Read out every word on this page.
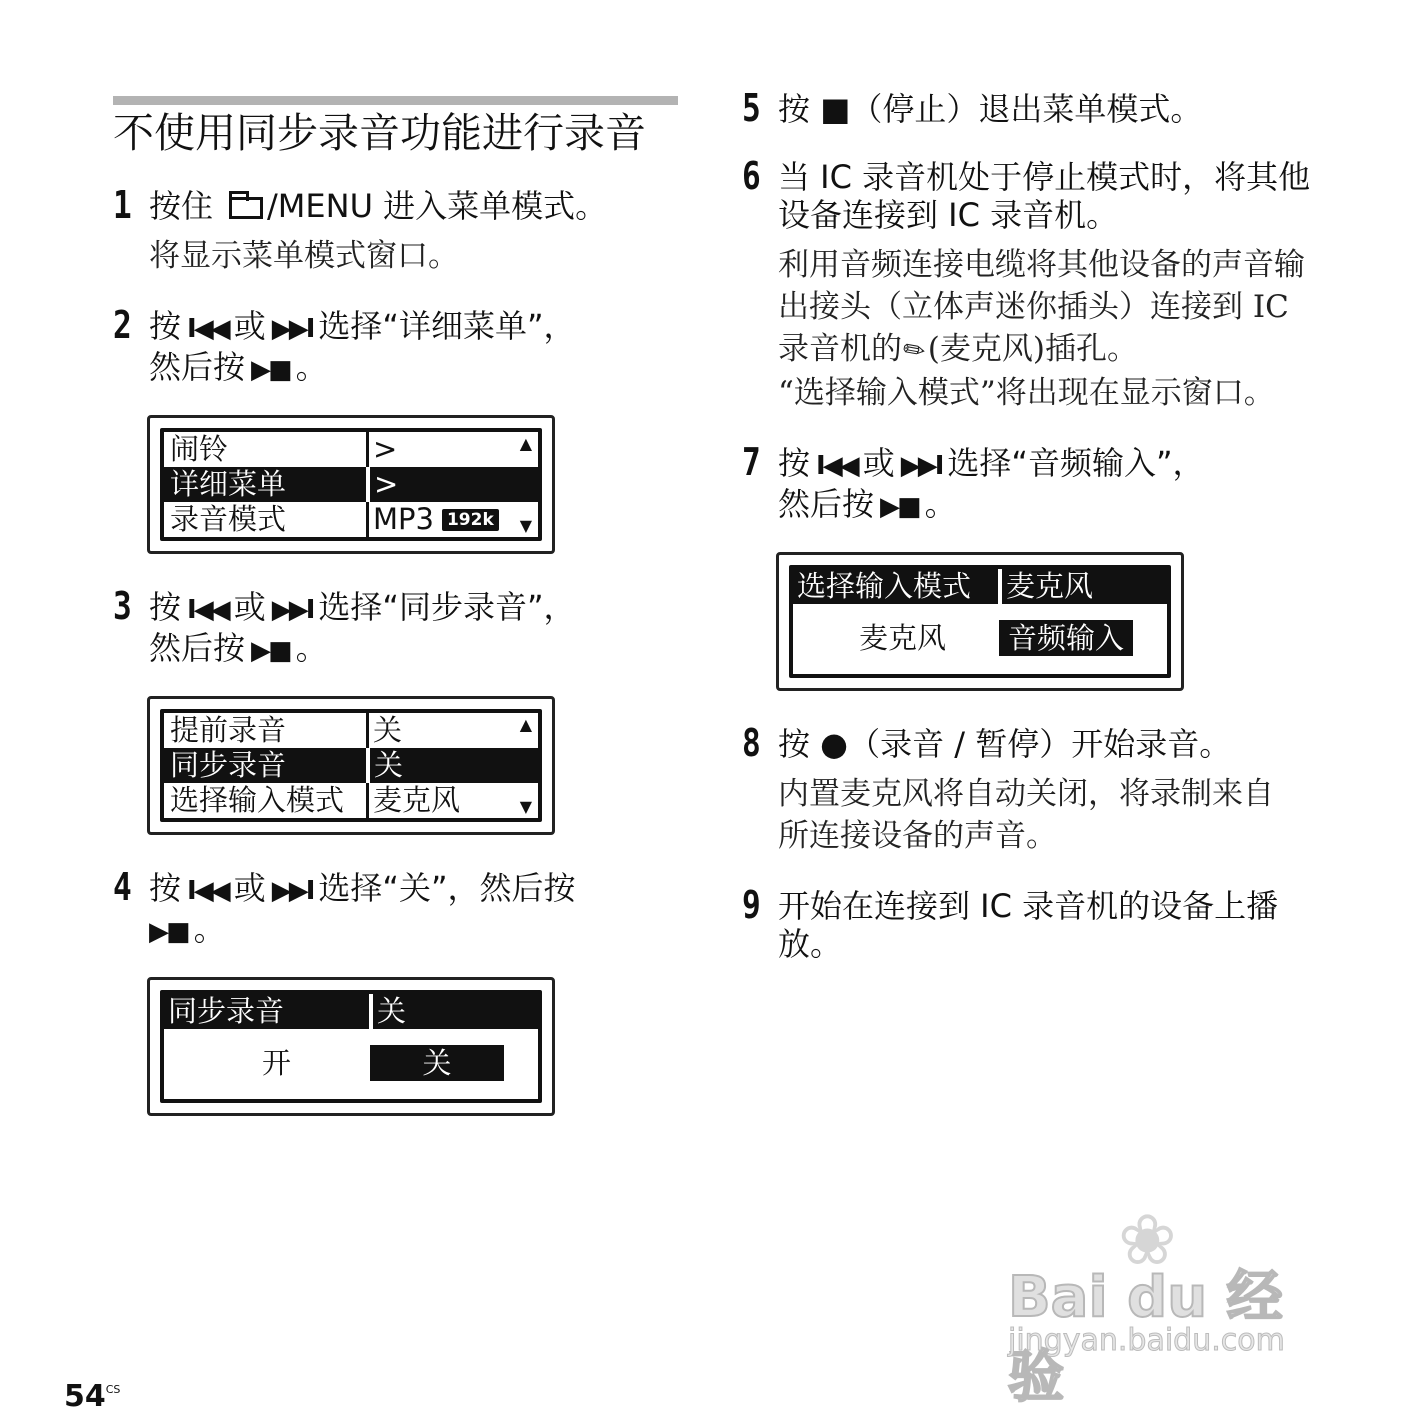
不使用同步录音功能进行录音
1 按住 /MENU 进入菜单模式。
将显示菜单模式窗口。
2 按 I◀◀ 或 ▶▶I 选择“详细菜单”，
然后按 ▶■ 。
闹铃	>	▲
详细菜单	>
录音模式	MP3 192k	▼
3 按 I◀◀ 或 ▶▶I 选择“同步录音”，
然后按 ▶■ 。
提前录音	关	▲
同步录音	关
选择输入模式 麦克风	▼
4 按 I◀◀ 或 ▶▶I 选择“关”，然后按
▶■ 。
同步录音	关
开	关
5 按 ■（停止）退出菜单模式。
6 当 IC 录音机处于停止模式时，将其他设备连接到 IC 录音机。
利用音频连接电缆将其他设备的声音输出接头（立体声迷你插头）连接到 IC 录音机的✎(麦克风)插孔。
“选择输入模式”将出现在显示窗口。
7 按 I◀◀ 或 ▶▶I 选择“音频输入”，
然后按 ▶■ 。
选择输入模式	麦克风
麦克风	音频输入
8 按 ●（录音 / 暂停）开始录音。
内置麦克风将自动关闭，将录制来自所连接设备的声音。
9 开始在连接到 IC 录音机的设备上播放。
❀
Bai du 经验
jingyan.baidu.com
$54^{CS}$
